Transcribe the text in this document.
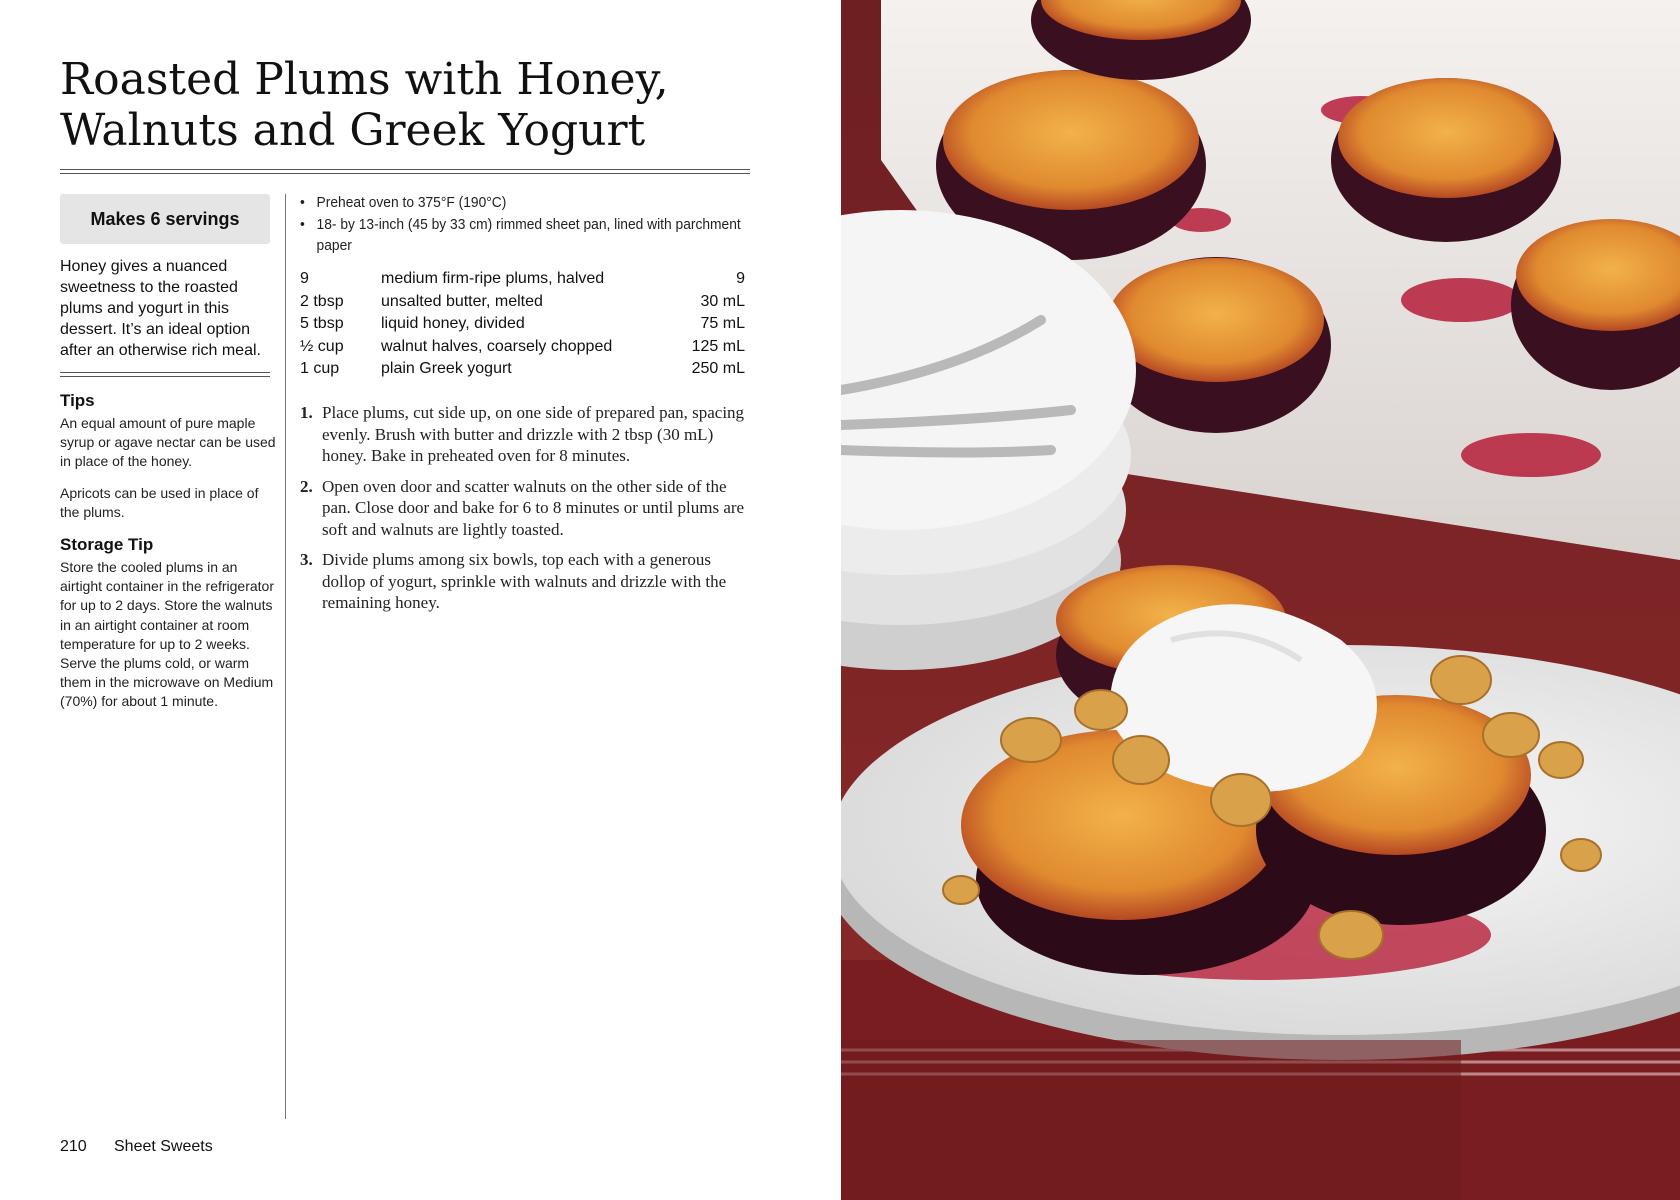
Roasted Plums with Honey,
Walnuts and Greek Yogurt
Makes 6 servings

Honey gives a nuanced sweetness to the roasted plums and yogurt in this dessert. It’s an ideal option after an otherwise rich meal.

Tips

An equal amount of pure maple syrup or agave nectar can be used in place of the honey.

Apricots can be used in place of the plums.

Storage Tip

Store the cooled plums in an airtight container in the refrigerator for up to 2 days. Store the walnuts in an airtight container at room temperature for up to 2 weeks. Serve the plums cold, or warm them in the microwave on Medium (70%) for about 1 minute.

• Preheat oven to 375°F (190°C)
• 18- by 13-inch (45 by 33 cm) rimmed sheet pan, lined with parchment paper
9	medium firm-ripe plums, halved	9
2 tbsp	unsalted butter, melted	30 mL
5 tbsp	liquid honey, divided	75 mL
½ cup	walnut halves, coarsely chopped	125 mL
1 cup	plain Greek yogurt	250 mL
1. Place plums, cut side up, on one side of prepared pan, spacing evenly. Brush with butter and drizzle with 2 tbsp (30 mL) honey. Bake in preheated oven for 8 minutes.
2. Open oven door and scatter walnuts on the other side of the pan. Close door and bake for 6 to 8 minutes or until plums are soft and walnuts are lightly toasted.
3. Divide plums among six bowls, top each with a generous dollop of yogurt, sprinkle with walnuts and drizzle with the remaining honey.
210 Sheet Sweets
